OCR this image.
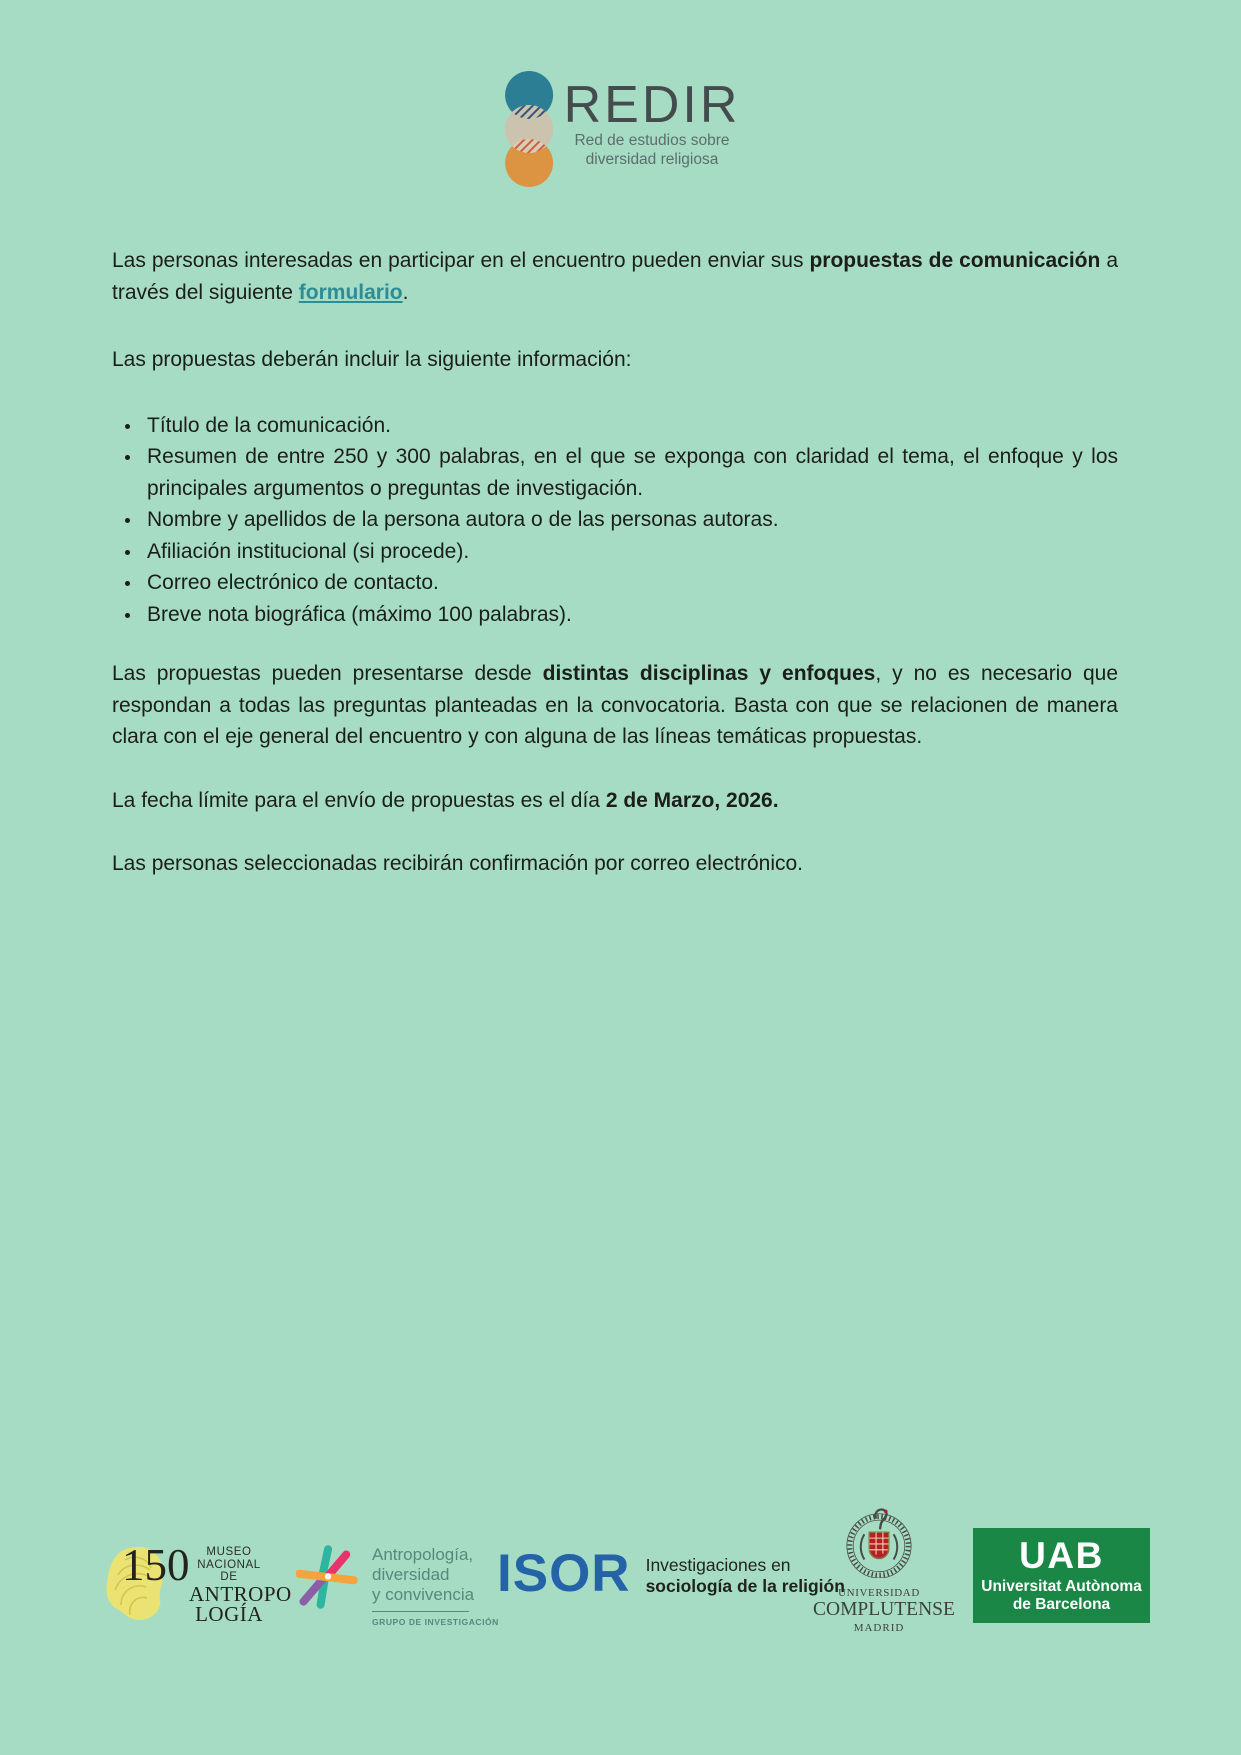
REDIR
Red de estudios sobre
diversidad religiosa

Las personas interesadas en participar en el encuentro pueden enviar sus propuestas de comunicación a través del siguiente formulario.

Las propuestas deberán incluir la siguiente información:

Título de la comunicación.
Resumen de entre 250 y 300 palabras, en el que se exponga con claridad el tema, el enfoque y los principales argumentos o preguntas de investigación.
Nombre y apellidos de la persona autora o de las personas autoras.
Afiliación institucional (si procede).
Correo electrónico de contacto.
Breve nota biográfica (máximo 100 palabras).

Las propuestas pueden presentarse desde distintas disciplinas y enfoques, y no es necesario que respondan a todas las preguntas planteadas en la convocatoria. Basta con que se relacionen de manera clara con el eje general del encuentro y con alguna de las líneas temáticas propuestas.

La fecha límite para el envío de propuestas es el día 2 de Marzo, 2026.

Las personas seleccionadas recibirán confirmación por correo electrónico.

150	MUSEO
NACIONAL
DE
ANTROPO
LOGÍA
Antropología,
diversidad
y convivencia
GRUPO DE INVESTIGACIÓN
ISOR Investigaciones en
sociología de la religión
UNIVERSIDAD
COMPLUTENSE
MADRID
UAB
Universitat Autònoma
de Barcelona
